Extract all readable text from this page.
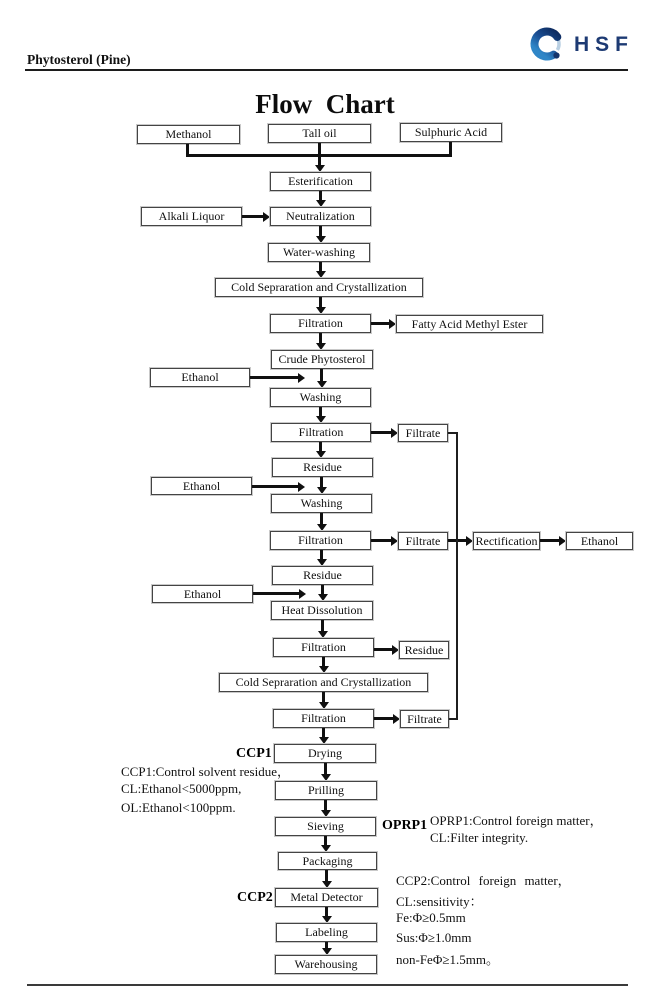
Phytosterol (Pine)
HSF
Flow  Chart
Methanol	Tall oil	Sulphuric Acid
Esterification
Alkali Liquor	Neutralization
Water-washing
Cold Sepraration and Crystallization
Filtration	Fatty Acid Methyl Ester
Crude Phytosterol
Ethanol
Washing
Filtration	Filtrate
Residue
Ethanol
Washing
Filtration	Filtrate	Rectification	Ethanol
Residue
Ethanol
Heat Dissolution
Filtration	Residue
Cold Sepraration and Crystallization
Filtration	Filtrate
CCP1	Drying
CCP1:Control solvent residue，
CL:Ethanol<5000ppm,
OL:Ethanol<100ppm.
Prilling
Sieving	OPRP1 OPRP1:Control foreign matter，
CL:Filter integrity.
Packaging
CCP2	Metal Detector
CCP2:Control foreign matter，
CL:sensitivity：
Fe:Φ≥0.5mm
Sus:Φ≥1.0mm
non-FeΦ≥1.5mm。
Labeling
Warehousing
